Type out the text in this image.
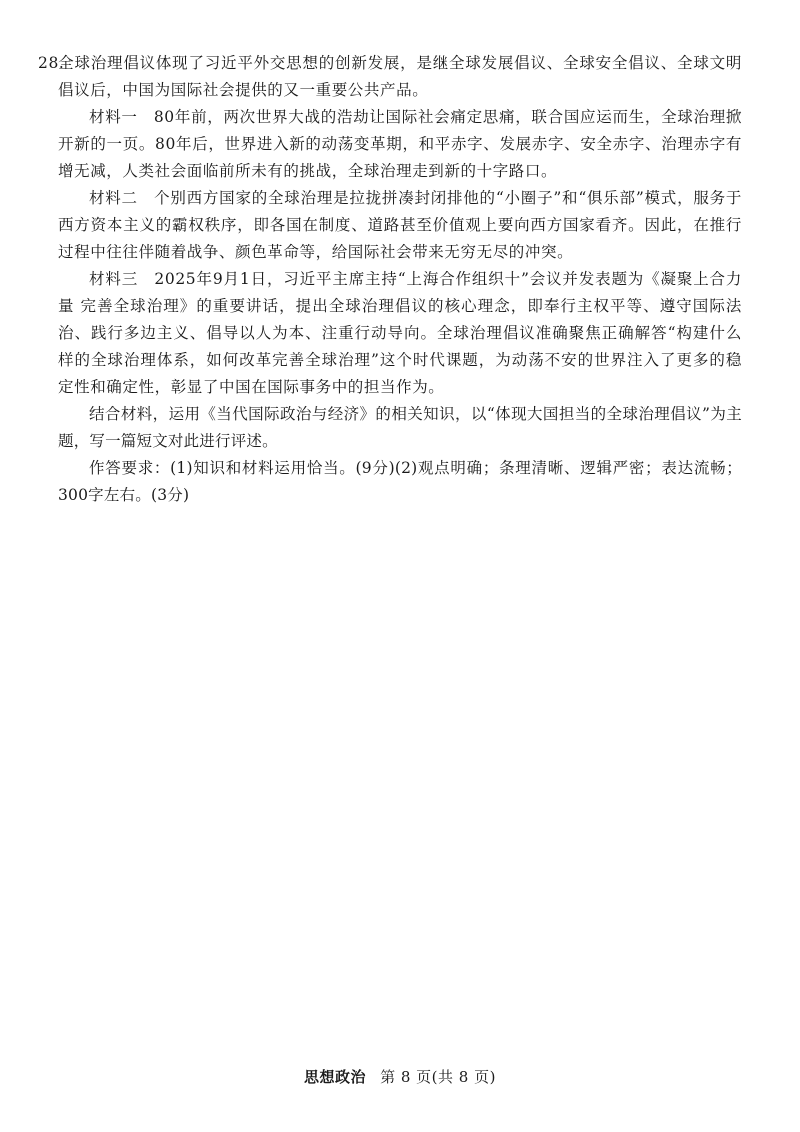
28.全球治理倡议体现了习近平外交思想的创新发展，是继全球发展倡议、全球安全倡议、全球文明倡议后，中国为国际社会提供的又一重要公共产品。

材料一　80年前，两次世界大战的浩劫让国际社会痛定思痛，联合国应运而生，全球治理掀开新的一页。80年后，世界进入新的动荡变革期，和平赤字、发展赤字、安全赤字、治理赤字有增无减，人类社会面临前所未有的挑战，全球治理走到新的十字路口。

材料二　个别西方国家的全球治理是拉拢拼凑封闭排他的“小圈子”和“俱乐部”模式，服务于西方资本主义的霸权秩序，即各国在制度、道路甚至价值观上要向西方国家看齐。因此，在推行过程中往往伴随着战争、颜色革命等，给国际社会带来无穷无尽的冲突。

材料三　2025年9月1日，习近平主席主持“上海合作组织十”会议并发表题为《凝聚上合力量 完善全球治理》的重要讲话，提出全球治理倡议的核心理念，即奉行主权平等、遵守国际法治、践行多边主义、倡导以人为本、注重行动导向。全球治理倡议准确聚焦正确解答“构建什么样的全球治理体系，如何改革完善全球治理”这个时代课题，为动荡不安的世界注入了更多的稳定性和确定性，彰显了中国在国际事务中的担当作为。

结合材料，运用《当代国际政治与经济》的相关知识，以“体现大国担当的全球治理倡议”为主题，写一篇短文对此进行评述。

作答要求：(1)知识和材料运用恰当。(9分)(2)观点明确；条理清晰、逻辑严密；表达流畅；300字左右。(3分)

思想政治 第 8 页(共 8 页)
